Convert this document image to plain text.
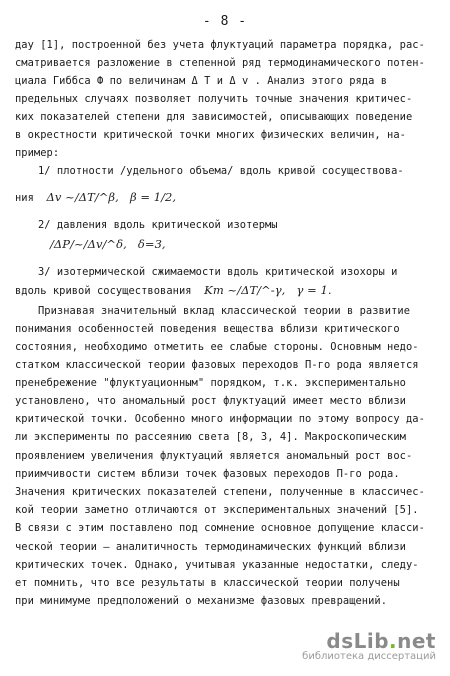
- 8 -
дау [1], построенной без учета флуктуаций параметра порядка, рас-
сматривается разложение в степенной ряд термодинамического потен-
циала Гиббса Ф по величинам Δ T и Δ v . Анализ этого ряда в
предельных случаях позволяет получить точные значения критичес-
ких показателей степени для зависимостей, описывающих поведение
в окрестности критической точки многих физических величин, на-
пример:
1/ плотности /удельного объема/ вдоль кривой сосуществова-
ния  Δv ~/ΔT/^β,   β = 1/2,
2/ давления вдоль критической изотермы
/ΔP/~/Δv/^δ,   δ=3,
3/ изотермической сжимаемости вдоль критической изохоры и
вдоль кривой сосуществования  Kт ~/ΔT/^-γ,   γ = 1.
Признавая значительный вклад классической теории в развитие
понимания особенностей поведения вещества вблизи критического
состояния, необходимо отметить ее слабые стороны. Основным недо-
статком классической теории фазовых переходов П-го рода является
пренебрежение "флуктуационным" порядком, т.к. экспериментально
установлено, что аномальный рост флуктуаций имеет место вблизи
критической точки. Особенно много информации по этому вопросу да-
ли эксперименты по рассеянию света [8, 3, 4]. Макроскопическим
проявлением увеличения флуктуаций является аномальный рост вос-
приимчивости систем вблизи точек фазовых переходов П-го рода.
Значения критических показателей степени, полученные в классичес-
кой теории заметно отличаются от экспериментальных значений [5].
В связи с этим поставлено под сомнение основное допущение класси-
ческой теории – аналитичность термодинамических функций вблизи
критических точек. Однако, учитывая указанные недостатки, следу-
ет помнить, что все результаты в классической теории получены
при минимуме предположений о механизме фазовых превращений.
dsLib.net
библиотека диссертаций
